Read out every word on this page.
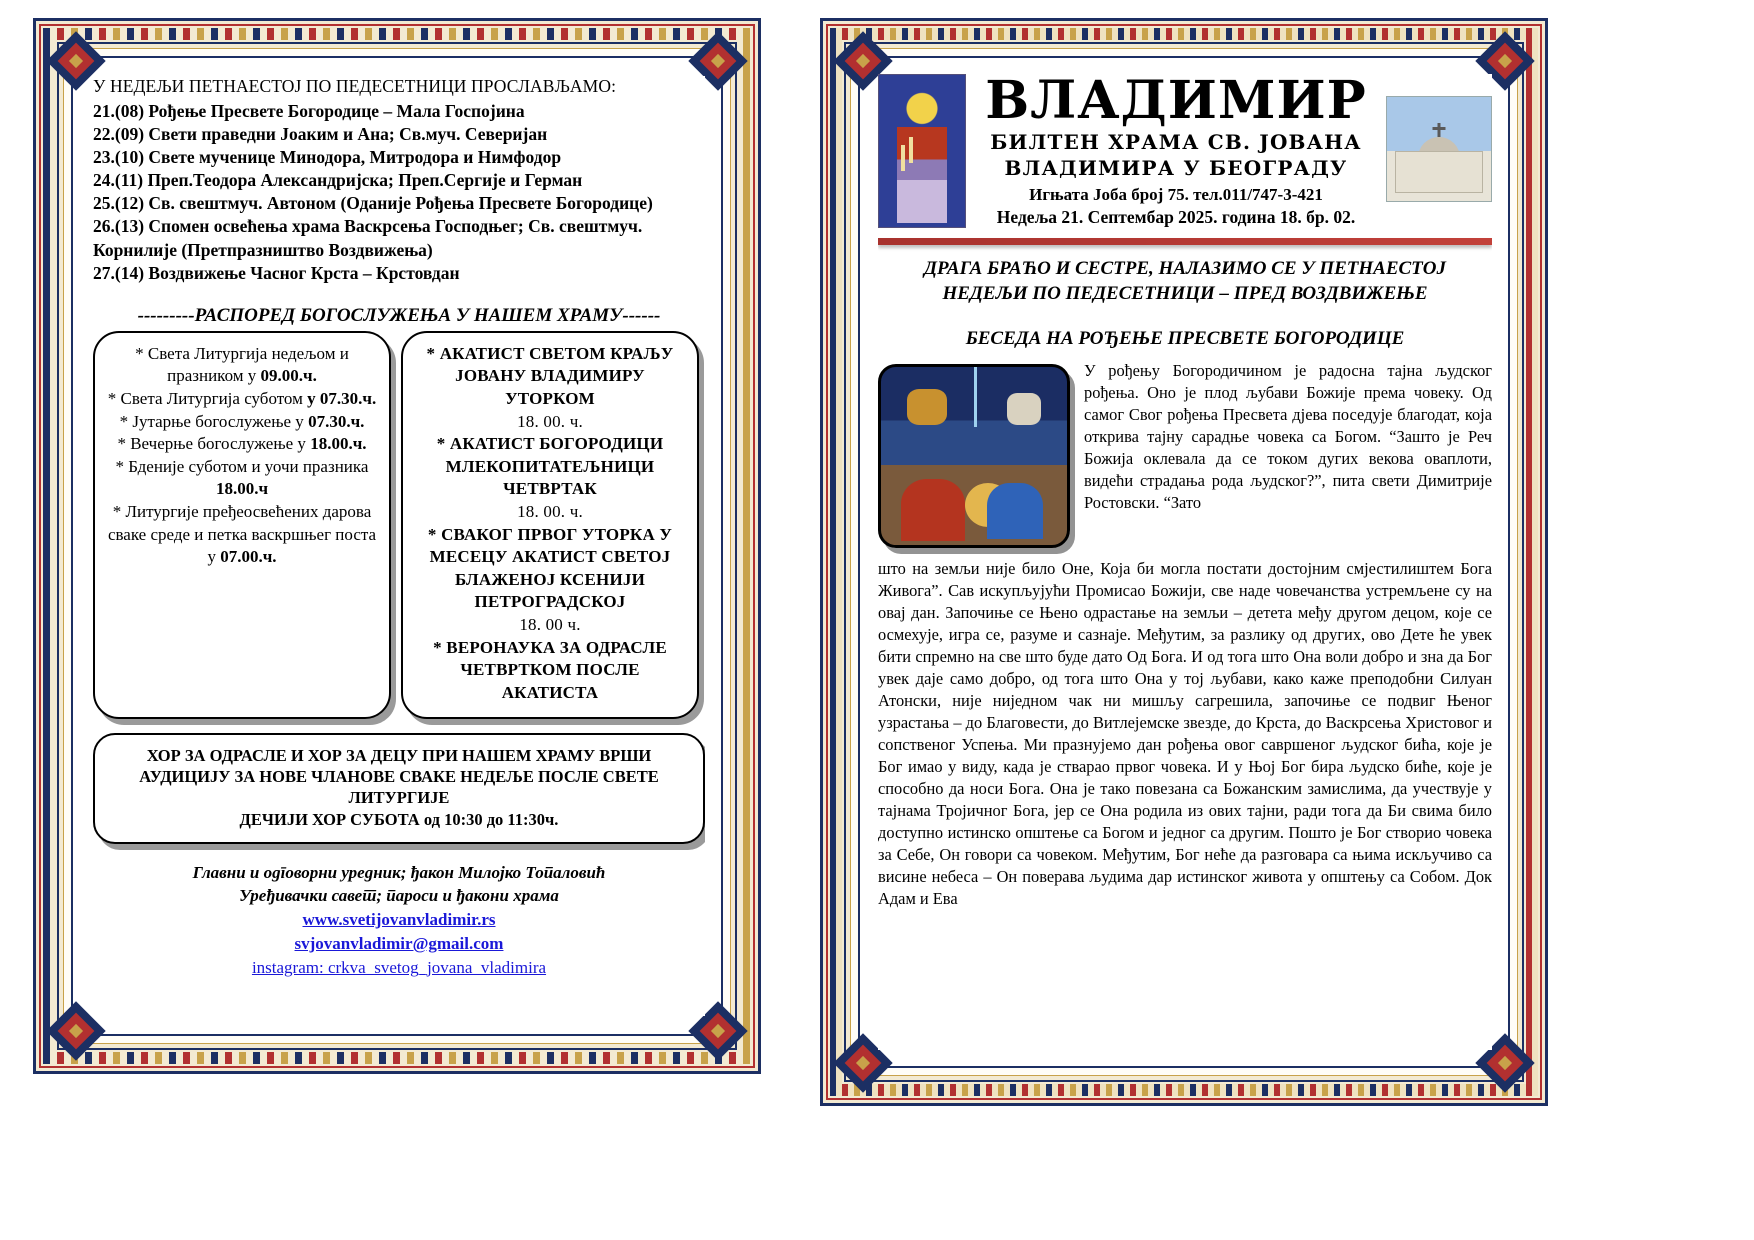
У НЕДЕЉИ ПЕТНАЕСТОЈ ПО ПЕДЕСЕТНИЦИ ПРОСЛАВЉАМО:

21.(08) Рођење Пресвете Богородице – Мала Госпојина
22.(09) Свети праведни Јоаким и Ана; Св.муч. Северијан
23.(10) Свете мученице Минодора, Митродора и Нимфодор
24.(11) Преп.Теодора Александријска; Преп.Сергије и Герман
25.(12) Св. свештмуч. Автоном (Оданије Рођења Пресвете Богородице)
26.(13) Спомен освећења храма Васкрсења Господњег; Св. свештмуч.
Корнилије (Претпразништво Воздвижења)
27.(14) Воздвижење Часног Крста – Крстовдан
---------РАСПОРЕД БОГОСЛУЖЕЊА У НАШЕМ ХРАМУ------

* Света Литургија недељом и празником у 09.00.ч.

* Света Литургија суботом у 07.30.ч.

* Јутарње богослужење у 07.30.ч.

* Вечерње богослужење у 18.00.ч.

* Бденије суботом и уочи празника 18.00.ч

* Литургије пређеосвећених дарова сваке среде и петка васкршњег поста у 07.00.ч.

* АКАТИСТ СВЕТОМ КРАЉУ ЈОВАНУ ВЛАДИМИРУ УТОРКОМ

18. 00. ч.

* АКАТИСТ БОГОРОДИЦИ МЛЕКОПИТАТЕЉНИЦИ ЧЕТВРТАК

18. 00. ч.

* СВАКОГ ПРВОГ УТОРКА У МЕСЕЦУ АКАТИСТ СВЕТОЈ БЛАЖЕНОЈ КСЕНИЈИ ПЕТРОГРАДСКОЈ

18. 00 ч.

* ВЕРОНАУКА ЗА ОДРАСЛЕ ЧЕТВРТКОМ ПОСЛЕ АКАТИСТА

ХОР ЗА ОДРАСЛЕ И ХОР ЗА ДЕЦУ ПРИ НАШЕМ ХРАМУ ВРШИ

АУДИЦИЈУ ЗА НОВЕ ЧЛАНОВЕ СВАКЕ НЕДЕЉЕ ПОСЛЕ СВЕТЕ

ЛИТУРГИЈЕ

ДЕЧИЈИ ХОР СУБОТА од 10:30 до 11:30ч.

Главни и одговорни уредник; ђакон Милојко Топаловић
Уређивачки савет; пароси и ђакони храма
www.svetijovanvladimir.rs
svjovanvladimir@gmail.com
instagram: crkva_svetog_jovana_vladimira

ВЛАДИМИР

БИЛТЕН ХРАМА СВ. ЈОВАНА

ВЛАДИМИРА У БЕОГРАДУ

Игњата Јоба број 75. тел.011/747-3-421

Недеља 21. Септембар 2025. година 18. бр. 02.

ДРАГА БРАЋО И СЕСТРЕ, НАЛАЗИМО СЕ У ПЕТНАЕСТОЈ

НЕДЕЉИ ПО ПЕДЕСЕТНИЦИ – ПРЕД ВОЗДВИЖЕЊЕ

БЕСЕДА НА РОЂЕЊЕ ПРЕСВЕТЕ БОГОРОДИЦЕ

У рођењу Богородичином је радосна тајна људског рођења. Оно је плод љубави Божије према човеку. Од самог Свог рођења Пресвета дјева поседује благодат, која открива тајну сарадње човека са Богом. “Зашто је Реч Божија оклевала да се током дугих векова оваплоти, видећи страдања рода људског?”, пита свети Димитрије Ростовски. “Зато

што на земљи није било Оне, Која би могла постати достојним смјестилиштем Бога Живога”. Сав искупљујући Промисао Божији, све наде човечанства устремљене су на овај дан. Започиње се Њено одрастање на земљи – детета међу другом децом, које се осмехује, игра се, разуме и сазнаје. Међутим, за разлику од других, ово Дете ће увек бити спремно на све што буде дато Од Бога. И од тога што Она воли добро и зна да Бог увек даје само добро, од тога што Она у тој љубави, како каже преподобни Силуан Атонски, није ниједном чак ни мишљу сагрешила, започиње се подвиг Њеног узрастања – до Благовести, до Витлејемске звезде, до Крста, до Васкрсења Христовог и сопственог Успења. Ми празнујемо дан рођења овог савршеног људског бића, које је Бог имао у виду, када је стварао првог човека. И у Њој Бог бира људско биће, које је способно да носи Бога. Она је тако повезана са Божанским замислима, да учествује у тајнама Тројичног Бога, јер се Она родила из ових тајни, ради тога да Би свима било доступно истинско општење са Богом и једног са другим. Пошто је Бог створио човека за Себе, Он говори са човеком. Међутим, Бог неће да разговара са њима искључиво са висине небеса – Он поверава људима дар истинског живота у општењу са Собом. Док Адам и Ева
